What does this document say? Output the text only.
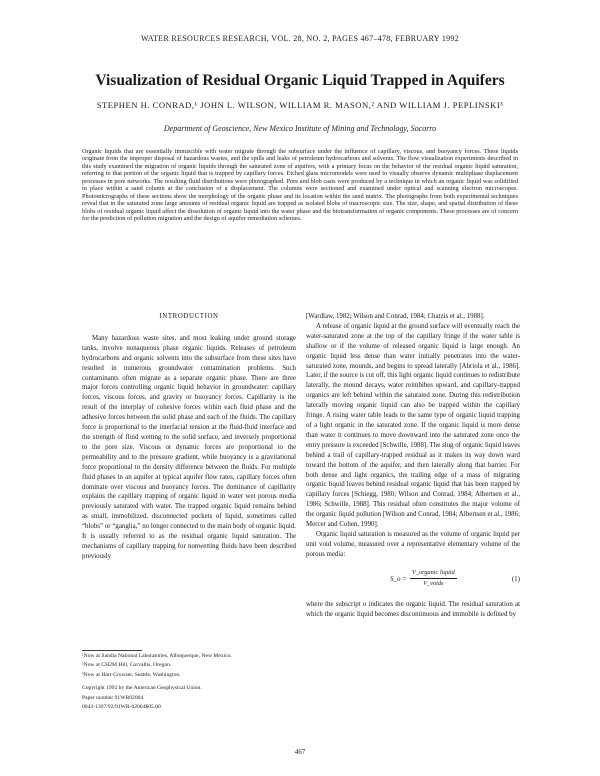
WATER RESOURCES RESEARCH, VOL. 28, NO. 2, PAGES 467–478, FEBRUARY 1992
Visualization of Residual Organic Liquid Trapped in Aquifers
STEPHEN H. CONRAD,¹ JOHN L. WILSON, WILLIAM R. MASON,² AND WILLIAM J. PEPLINSKI³
Department of Geoscience, New Mexico Institute of Mining and Technology, Socorro

Organic liquids that are essentially immiscible with water migrate through the subsurface under the influence of capillary, viscous, and buoyancy forces. These liquids originate from the improper disposal of hazardous wastes, and the spills and leaks of petroleum hydrocarbons and solvents. The flow visualization experiments described in this study examined the migration of organic liquids through the saturated zone of aquifers, with a primary focus on the behavior of the residual organic liquid saturation, referring to that portion of the organic liquid that is trapped by capillary forces. Etched glass micromodels were used to visually observe dynamic multiphase displacement processes in pore networks. The resulting fluid distributions were photographed. Pore and blob casts were produced by a technique in which an organic liquid was solidified in place within a sand column at the conclusion of a displacement. The columns were sectioned and examined under optical and scanning electron microscopes. Photomicrographs of these sections show the morphology of the organic phase and its location within the sand matrix. The photographs from both experimental techniques reveal that in the saturated zone large amounts of residual organic liquid are trapped as isolated blobs of macroscopic size. The size, shape, and spatial distribution of these blobs of residual organic liquid affect the dissolution of organic liquid into the water phase and the biotransformation of organic components. These processes are of concern for the prediction of pollution migration and the design of aquifer remediation schemes.

INTRODUCTION

Many hazardous waste sites, and most leaking under ground storage tanks, involve nonaqueous phase organic liquids. Releases of petroleum hydrocarbons and organic solvents into the subsurface from these sites have resulted in numerous groundwater contamination problems. Such contaminants often migrate as a separate organic phase. There are three major forces controlling organic liquid behavior in groundwater: capillary forces, viscous forces, and gravity or buoyancy forces. Capillarity is the result of the interplay of cohesive forces within each fluid phase and the adhesive forces between the solid phase and each of the fluids. The capillary force is proportional to the interfacial tension at the fluid-fluid interface and the strength of fluid wetting to the solid surface, and inversely proportional to the pore size. Viscous or dynamic forces are proportional to the permeability and to the pressure gradient, while buoyancy is a gravitational force proportional to the density difference between the fluids. For multiple fluid phases in an aquifer at typical aquifer flow rates, capillary forces often dominate over viscous and buoyancy forces. The dominance of capillarity explains the capillary trapping of organic liquid in water wet porous media previously saturated with water. The trapped organic liquid remains behind as small, immobilized, disconnected pockets of liquid, sometimes called “blobs” or “ganglia,” no longer connected to the main body of organic liquid. It is usually referred to as the residual organic liquid saturation. The mechanisms of capillary trapping for nonwetting fluids have been described previously

¹Now at Sandia National Laboratories, Albuquerque, New Mexico.
²Now at CH2M Hill, Corvallis, Oregon.
³Now at Hart-Crowser, Seattle, Washington.
Copyright 1992 by the American Geophysical Union.
Paper number 91WR02064.
0043-1397/92/91WR-02064$05.00

[Wardlaw, 1982; Wilson and Conrad, 1984; Chatzis et al., 1988].

A release of organic liquid at the ground surface will eventually reach the water-saturated zone at the top of the capillary fringe if the water table is shallow or if the volume of released organic liquid is large enough. An organic liquid less dense than water initially penetrates into the water-saturated zone, mounds, and begins to spread laterally [Abriola et al., 1986]. Later, if the source is cut off, this light organic liquid continues to redistribute laterally, the mound decays, water reimbibes upward, and capillary-trapped organics are left behind within the saturated zone. During this redistribution laterally moving organic liquid can also be trapped within the capillary fringe. A rising water table leads to the same type of organic liquid trapping of a light organic in the saturated zone. If the organic liquid is more dense than water it continues to move downward into the saturated zone once the entry pressure is exceeded [Schwille, 1988]. The slug of organic liquid leaves behind a trail of capillary-trapped residual as it makes its way down ward toward the bottom of the aquifer, and then laterally along that barrier. For both dense and light organics, the trailing edge of a mass of migrating organic liquid leaves behind residual organic liquid that has been trapped by capillary forces [Schiegg, 1980; Wilson and Conrad, 1984; Albertsen et al., 1986; Schwille, 1988]. This residual often constitutes the major volume of the organic liquid pollution [Wilson and Conrad, 1984; Albertsen et al., 1986; Mercer and Cohen, 1990].

Organic liquid saturation is measured as the volume of organic liquid per unit void volume, measured over a representative elementary volume of the porous media:

S_o =
V_organic liquid
V_voids
(1)

where the subscript o indicates the organic liquid. The residual saturation at which the organic liquid becomes discontinuous and immobile is defined by

467
